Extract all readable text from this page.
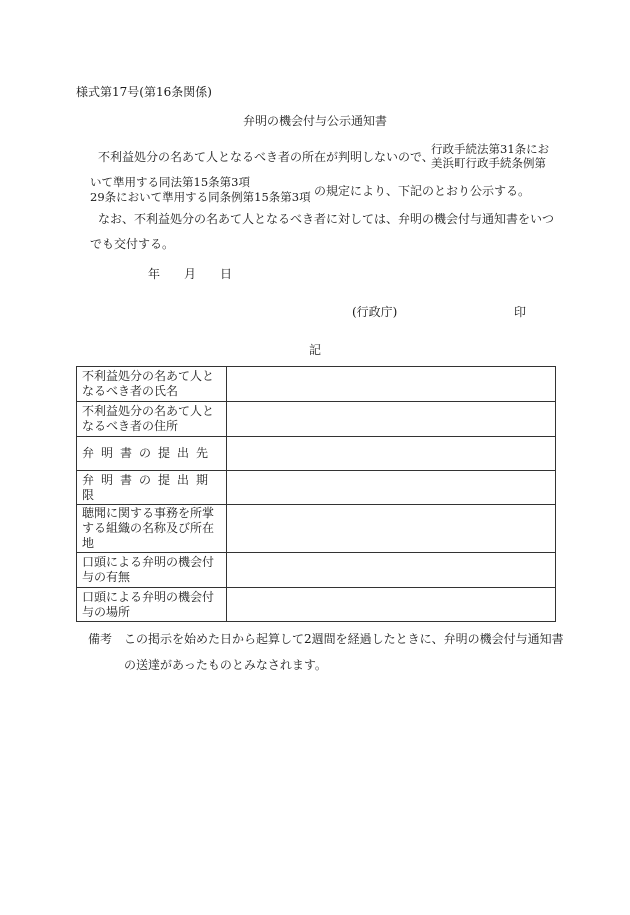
様式第17号(第16条関係)
弁明の機会付与公示通知書
不利益処分の名あて人となるべき者の所在が判明しないので、
行政手続法第31条にお
美浜町行政手続条例第
いて準用する同法第15条第3項
29条において準用する同条例第15条第3項 の規定により、下記のとおり公示する。
なお、不利益処分の名あて人となるべき者に対しては、弁明の機会付与通知書をいつ
でも交付する。
年 月 日
(行政庁)	印
記
不利益処分の名あて人となるべき者の氏名	
不利益処分の名あて人となるべき者の住所	
弁明書の提出先	
弁明書の提出期限	
聴聞に関する事務を所掌する組織の名称及び所在地	
口頭による弁明の機会付与の有無	
口頭による弁明の機会付与の場所	
備考　この掲示を始めた日から起算して2週間を経過したときに、弁明の機会付与通知書
の送達があったものとみなされます。
